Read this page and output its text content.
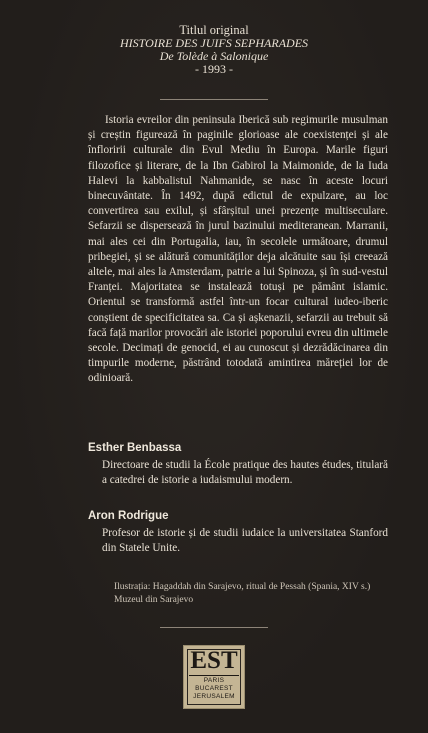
Titlul original
HISTOIRE DES JUIFS SEPHARADES
De Tolède à Salonique
- 1993 -

Istoria evreilor din peninsula Iberică sub regimurile musulman și creștin figurează în paginile glorioase ale coexistenței și ale înfloririi culturale din Evul Mediu în Europa. Marile figuri filozofice și literare, de la Ibn Gabirol la Maimonide, de la Iuda Halevi la kabbalistul Nahmanide, se nasc în aceste locuri binecuvântate. În 1492, după edictul de expulzare, au loc convertirea sau exilul, și sfârșitul unei prezențe multiseculare. Sefarzii se dispersează în jurul bazinului mediteranean. Marranii, mai ales cei din Portugalia, iau, în secolele următoare, drumul pribegiei, și se alătură comunităților deja alcătuite sau își creează altele, mai ales la Amsterdam, patrie a lui Spinoza, și în sud-vestul Franței. Majoritatea se instalează totuși pe pământ islamic. Orientul se transformă astfel într-un focar cultural iudeo-iberic conștient de specificitatea sa. Ca și așkenazii, sefarzii au trebuit să facă față marilor provocări ale istoriei poporului evreu din ultimele secole. Decimați de genocid, ei au cunoscut și dezrădăcinarea din timpurile moderne, păstrând totodată amintirea măreției lor de odinioară.

Esther Benbassa

Directoare de studii la École pratique des hautes études, titulară a catedrei de istorie a iudaismului modern.

Aron Rodrigue

Profesor de istorie și de studii iudaice la universitatea Stanford din Statele Unite.

Ilustrația: Hagaddah din Sarajevo, ritual de Pessah (Spania, XIV s.) Muzeul din Sarajevo
EST
PARIS
BUCAREST
JERUSALEM
